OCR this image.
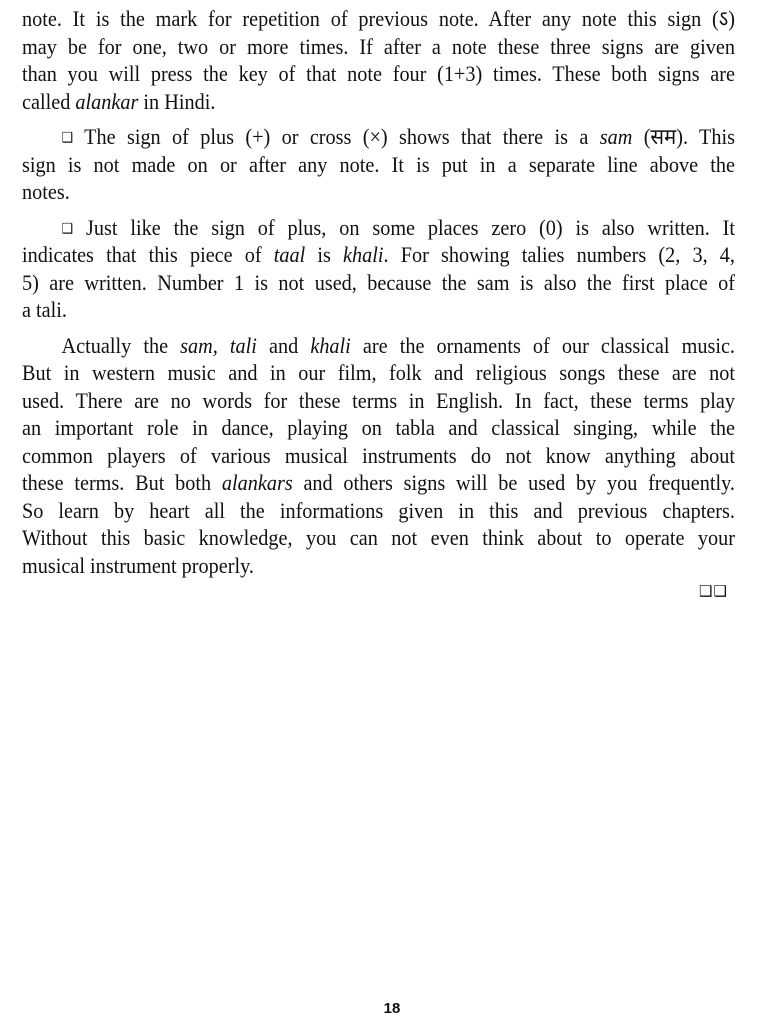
note. It is the mark for repetition of previous note. After any note this sign (ऽ)
may be for one, two or more times. If after a note these three signs are given
than you will press the key of that note four (1+3) times. These both signs are
called alankar in Hindi.
❑ The sign of plus (+) or cross (×) shows that there is a sam (सम). This
sign is not made on or after any note. It is put in a separate line above the
notes.
❑ Just like the sign of plus, on some places zero (0) is also written. It
indicates that this piece of taal is khali. For showing talies numbers (2, 3, 4,
5) are written. Number 1 is not used, because the sam is also the first place of
a tali.
Actually the sam, tali and khali are the ornaments of our classical music.
But in western music and in our film, folk and religious songs these are not
used. There are no words for these terms in English. In fact, these terms play
an important role in dance, playing on tabla and classical singing, while the
common players of various musical instruments do not know anything about
these terms. But both alankars and others signs will be used by you frequently.
So learn by heart all the informations given in this and previous chapters.
Without this basic knowledge, you can not even think about to operate your
musical instrument properly.
❑❑
18
